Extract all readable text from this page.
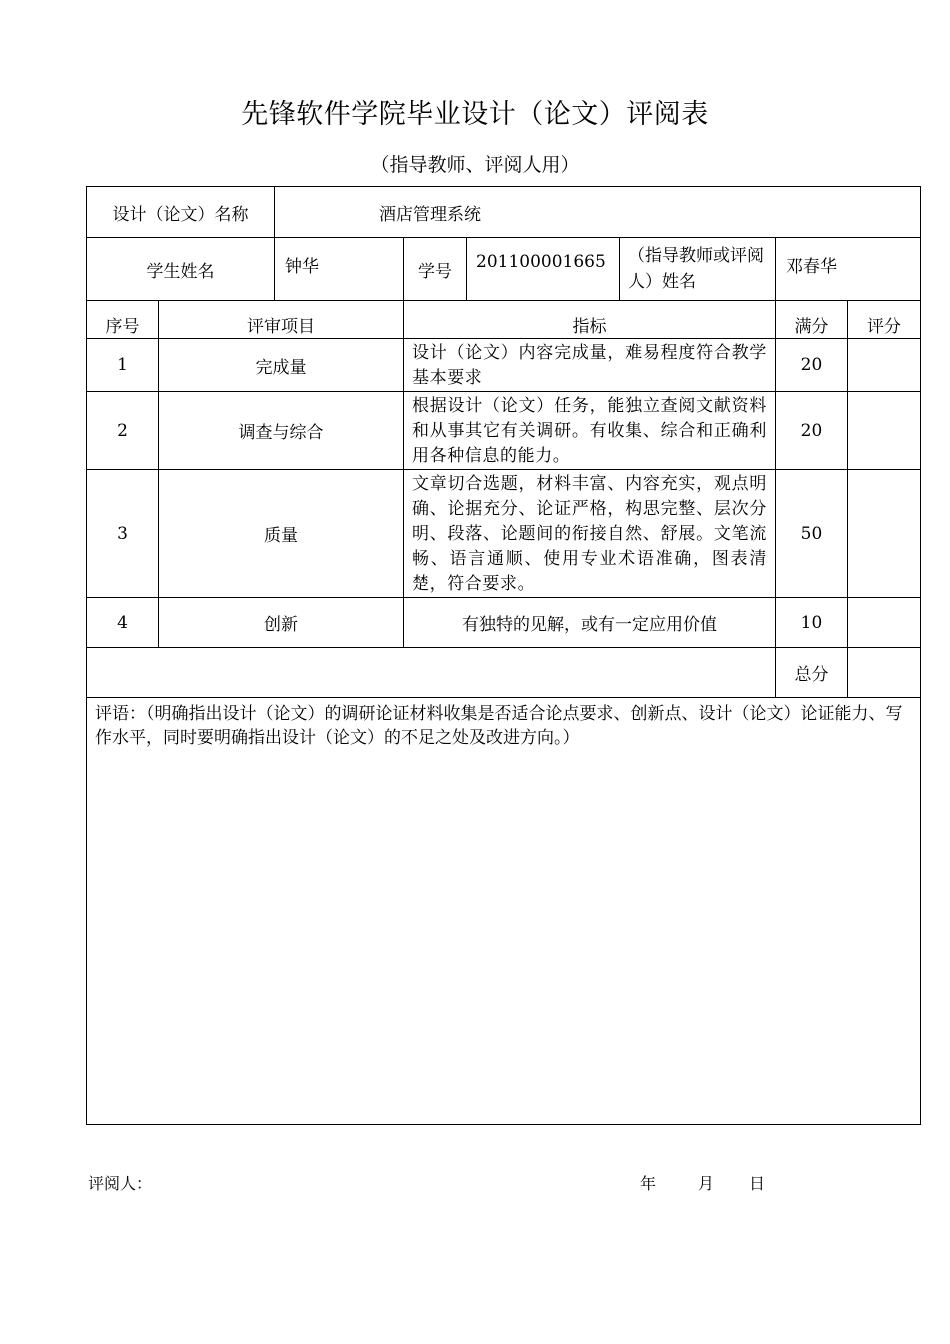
先锋软件学院毕业设计（论文）评阅表
（指导教师、评阅人用）
设计（论文）名称		酒店管理系统					
学生姓名		钟华	学号	201100001665	（指导教师或评阅人）姓名	邓春华	
序号	评审项目		指标			满分	评分
1	完成量		设计（论文）内容完成量，难易程度符合教学基本要求			20	
2	调查与综合		根据设计（论文）任务，能独立查阅文献资料和从事其它有关调研。有收集、综合和正确利用各种信息的能力。			20	
3	质量		文章切合选题，材料丰富、内容充实，观点明确、论据充分、论证严格，构思完整、层次分明、段落、论题间的衔接自然、舒展。文笔流畅、语言通顺、使用专业术语准确，图表清楚，符合要求。			50	
4	创新		有独特的见解，或有一定应用价值			10	
						总分	
评语：（明确指出设计（论文）的调研论证材料收集是否适合论点要求、创新点、设计（论文）论证能力、写作水平，同时要明确指出设计（论文）的不足之处及改进方向。）							
评阅人：	年	月 日
